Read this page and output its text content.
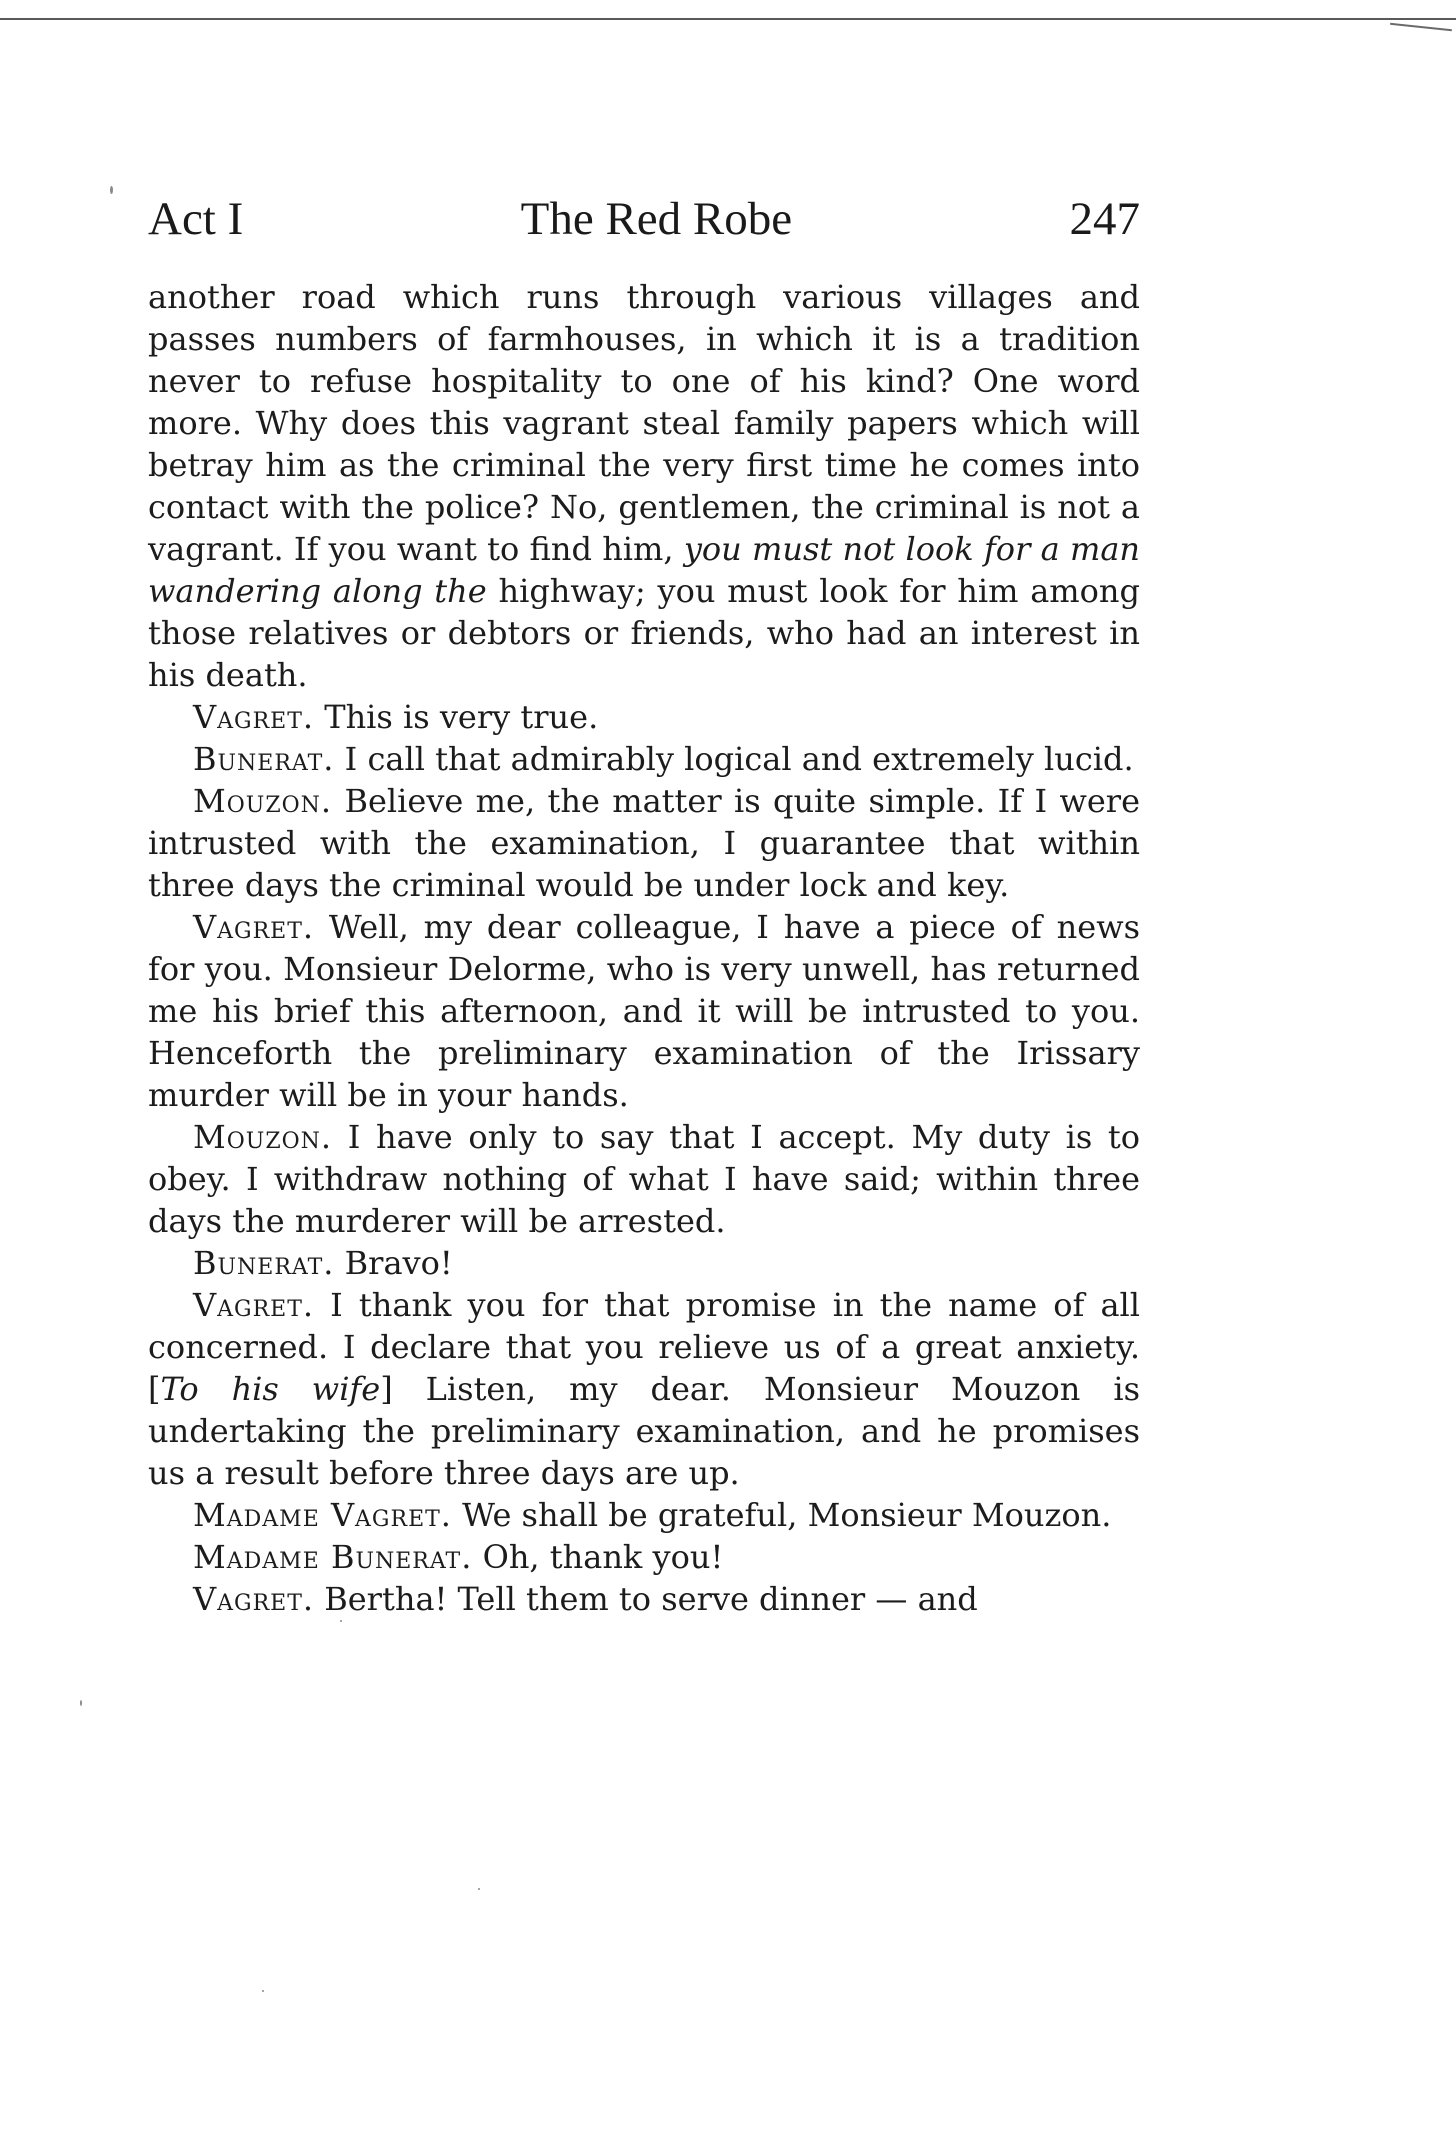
Act I	The Red Robe	247

another road which runs through various villages and passes numbers of farmhouses, in which it is a tradition never to refuse hospitality to one of his kind? One word more. Why does this vagrant steal family papers which will betray him as the criminal the very first time he comes into contact with the police? No, gentlemen, the criminal is not a vagrant. If you want to find him, you must not look for a man wandering along the highway; you must look for him among those relatives or debtors or friends, who had an interest in his death.

Vagret. This is very true.

Bunerat. I call that admirably logical and extremely lucid.

Mouzon. Believe me, the matter is quite simple. If I were intrusted with the examination, I guarantee that within three days the criminal would be under lock and key.

Vagret. Well, my dear colleague, I have a piece of news for you. Monsieur Delorme, who is very unwell, has returned me his brief this afternoon, and it will be intrusted to you. Henceforth the preliminary examination of the Irissary murder will be in your hands.

Mouzon. I have only to say that I accept. My duty is to obey. I withdraw nothing of what I have said; within three days the murderer will be arrested.

Bunerat. Bravo!

Vagret. I thank you for that promise in the name of all concerned. I declare that you relieve us of a great anxiety. [To his wife] Listen, my dear. Monsieur Mouzon is undertaking the preliminary examination, and he promises us a result before three days are up.

Madame Vagret. We shall be grateful, Monsieur Mouzon.

Madame Bunerat. Oh, thank you!

Vagret. Bertha! Tell them to serve dinner — and
